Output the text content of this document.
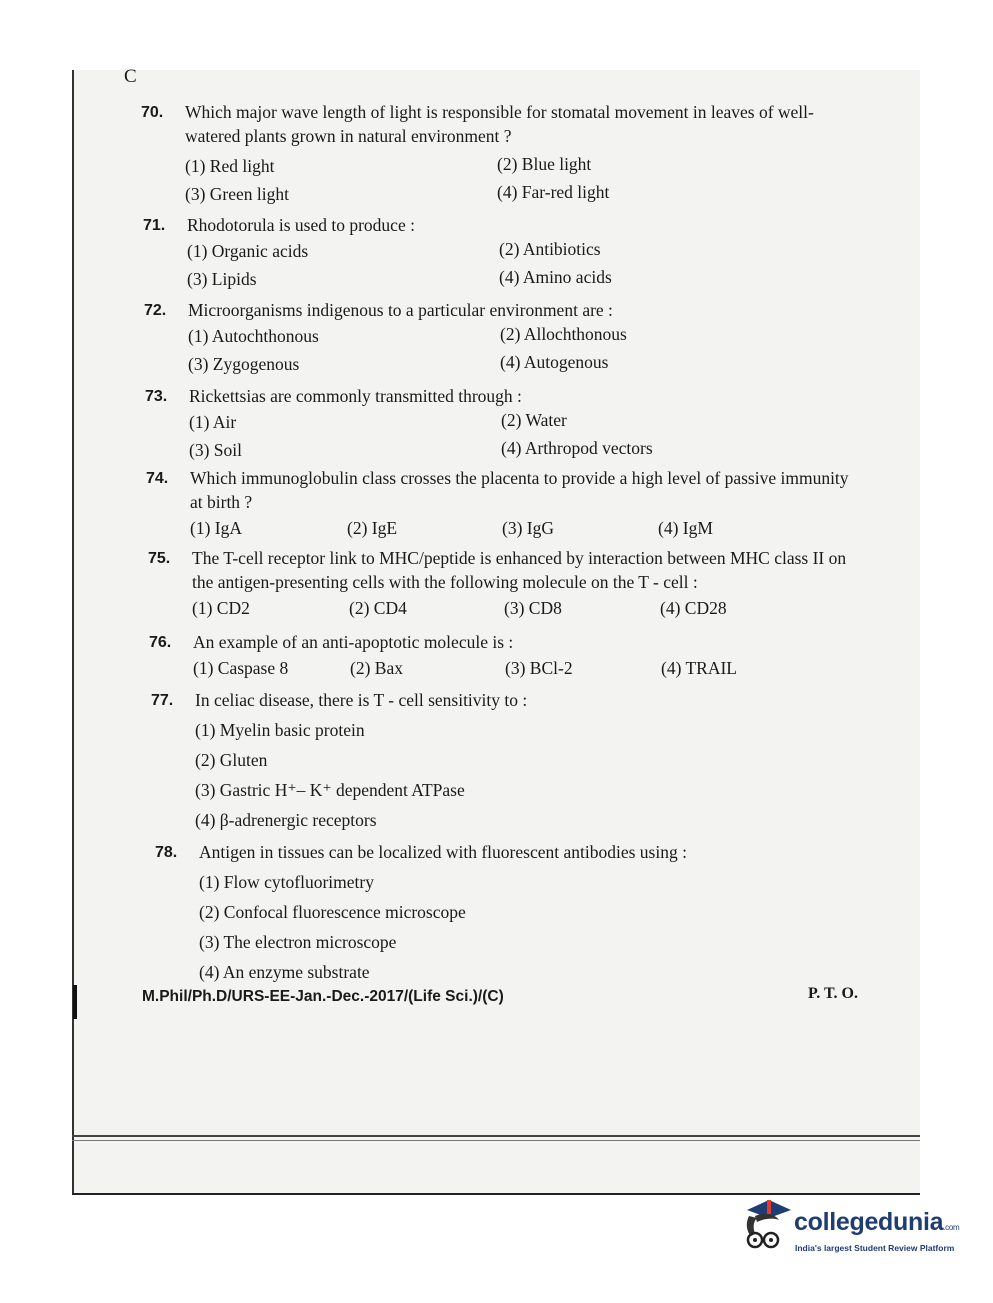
C
70. Which major wave length of light is responsible for stomatal movement in leaves of well-watered plants grown in natural environment ?
(1) Red light	(2) Blue light
(3) Green light	(4) Far-red light
71. Rhodotorula is used to produce :
(1) Organic acids	(2) Antibiotics
(3) Lipids	(4) Amino acids
72. Microorganisms indigenous to a particular environment are :
(1) Autochthonous	(2) Allochthonous
(3) Zygogenous	(4) Autogenous
73. Rickettsias are commonly transmitted through :
(1) Air	(2) Water
(3) Soil	(4) Arthropod vectors
74. Which immunoglobulin class crosses the placenta to provide a high level of passive immunity at birth ?
(1) IgA	(2) IgE	(3) IgG	(4) IgM
75. The T-cell receptor link to MHC/peptide is enhanced by interaction between MHC class II on the antigen-presenting cells with the following molecule on the T - cell :
(1) CD2	(2) CD4	(3) CD8	(4) CD28
76. An example of an anti-apoptotic molecule is :
(1) Caspase 8	(2) Bax	(3) BCl-2	(4) TRAIL
77. In celiac disease, there is T - cell sensitivity to :
(1) Myelin basic protein
(2) Gluten
(3) Gastric H⁺– K⁺ dependent ATPase
(4) β-adrenergic receptors
78. Antigen in tissues can be localized with fluorescent antibodies using :
(1) Flow cytofluorimetry
(2) Confocal fluorescence microscope
(3) The electron microscope
(4) An enzyme substrate
M.Phil/Ph.D/URS-EE-Jan.-Dec.-2017/(Life Sci.)/(C)	P. T. O.
collegedunia.com
India's largest Student Review Platform
